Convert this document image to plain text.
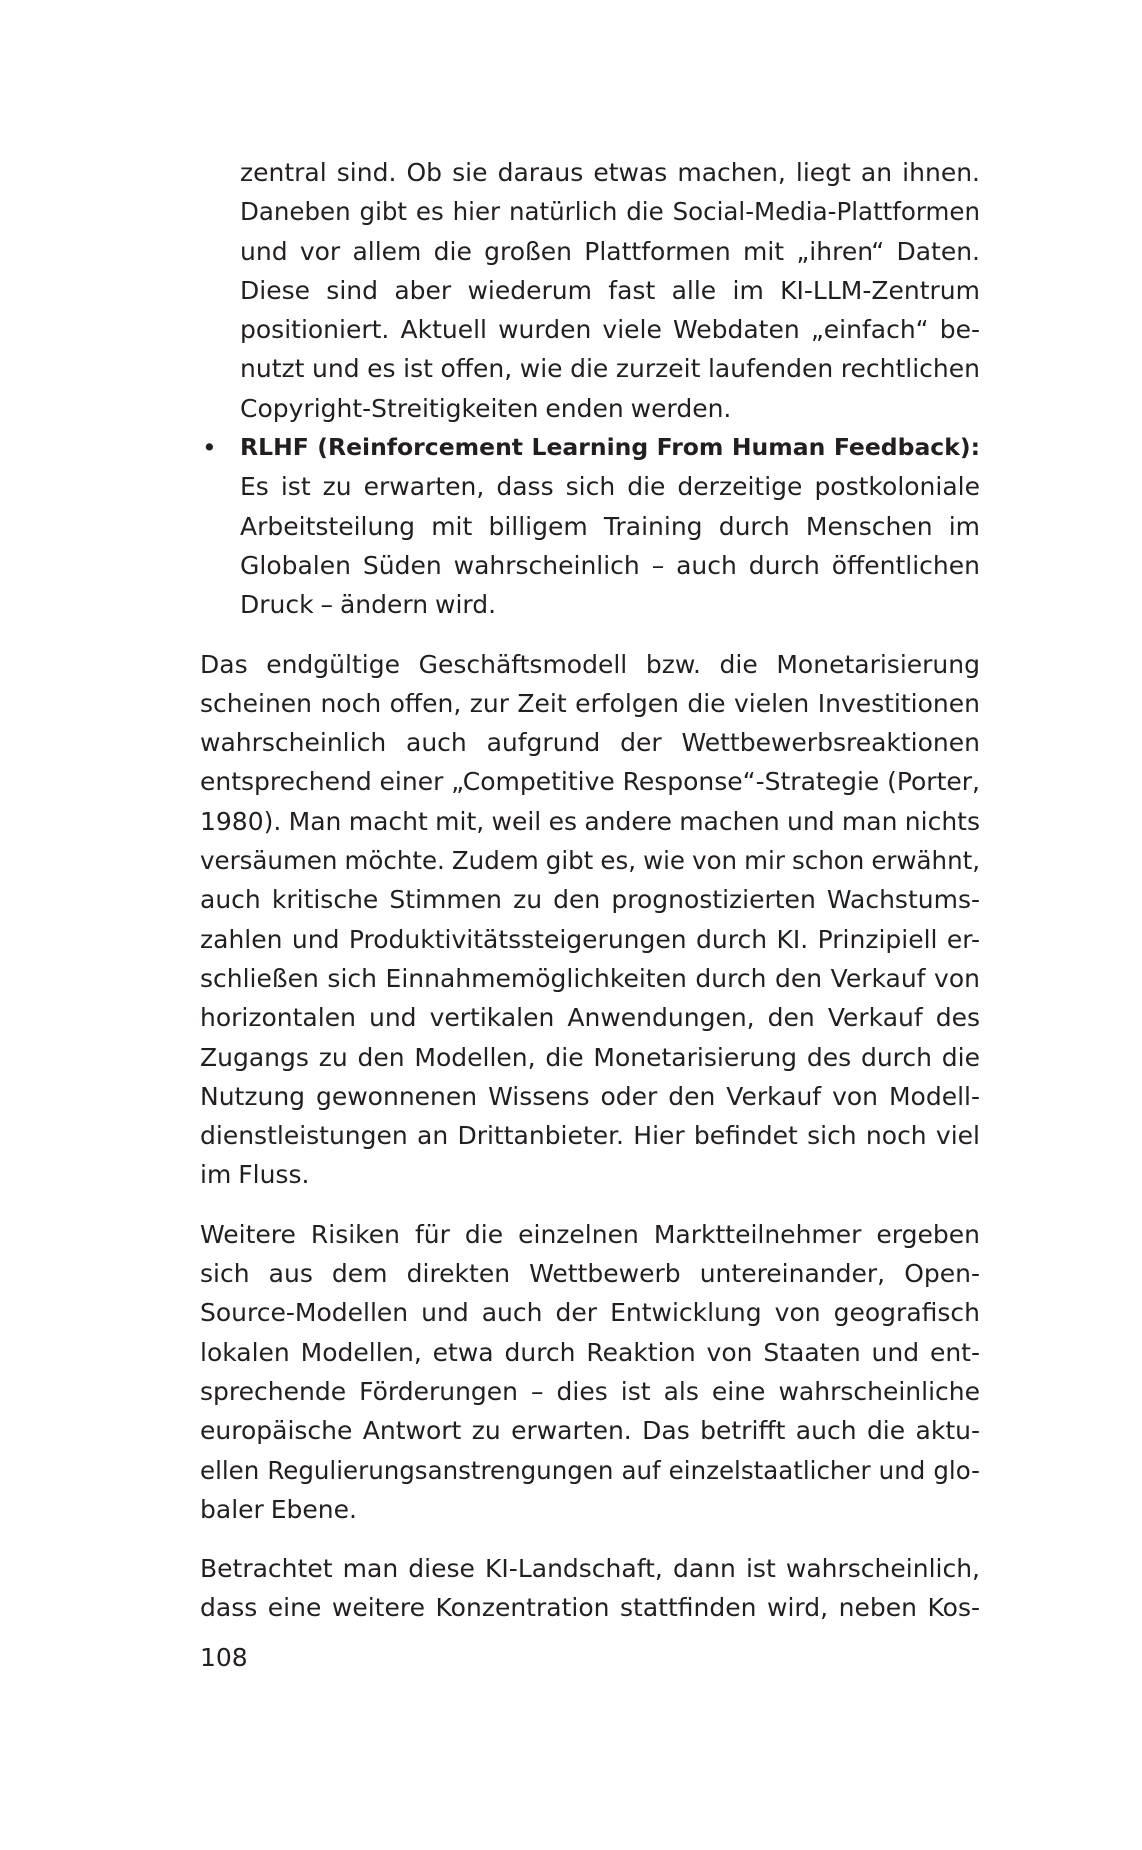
zentral sind. Ob sie daraus etwas machen, liegt an ihnen.
Daneben gibt es hier natürlich die Social-Media-Plattformen
und vor allem die großen Plattformen mit „ihren“ Daten.
Diese sind aber wiederum fast alle im KI-LLM-Zentrum
positioniert. Aktuell wurden viele Webdaten „einfach“ be-
nutzt und es ist offen, wie die zurzeit laufenden rechtlichen
Copyright-Streitigkeiten enden werden.
• RLHF (Reinforcement Learning From Human Feedback):
Es ist zu erwarten, dass sich die derzeitige postkoloniale
Arbeitsteilung mit billigem Training durch Menschen im
Globalen Süden wahrscheinlich – auch durch öffentlichen
Druck – ändern wird.
Das endgültige Geschäftsmodell bzw. die Monetarisierung
scheinen noch offen, zur Zeit erfolgen die vielen Investitionen
wahrscheinlich auch aufgrund der Wettbewerbsreaktionen
entsprechend einer „Competitive Response“-Strategie (Porter,
1980). Man macht mit, weil es andere machen und man nichts
versäumen möchte. Zudem gibt es, wie von mir schon erwähnt,
auch kritische Stimmen zu den prognostizierten Wachstums-
zahlen und Produktivitätssteigerungen durch KI. Prinzipiell er-
schließen sich Einnahmemöglichkeiten durch den Verkauf von
horizontalen und vertikalen Anwendungen, den Verkauf des
Zugangs zu den Modellen, die Monetarisierung des durch die
Nutzung gewonnenen Wissens oder den Verkauf von Modell-
dienstleistungen an Drittanbieter. Hier befindet sich noch viel
im Fluss.
Weitere Risiken für die einzelnen Marktteilnehmer ergeben
sich aus dem direkten Wettbewerb untereinander, Open-
Source-Modellen und auch der Entwicklung von geografisch
lokalen Modellen, etwa durch Reaktion von Staaten und ent-
sprechende Förderungen – dies ist als eine wahrscheinliche
europäische Antwort zu erwarten. Das betrifft auch die aktu-
ellen Regulierungsanstrengungen auf einzelstaatlicher und glo-
baler Ebene.
Betrachtet man diese KI-Landschaft, dann ist wahrscheinlich,
dass eine weitere Konzentration stattfinden wird, neben Kos-
108
